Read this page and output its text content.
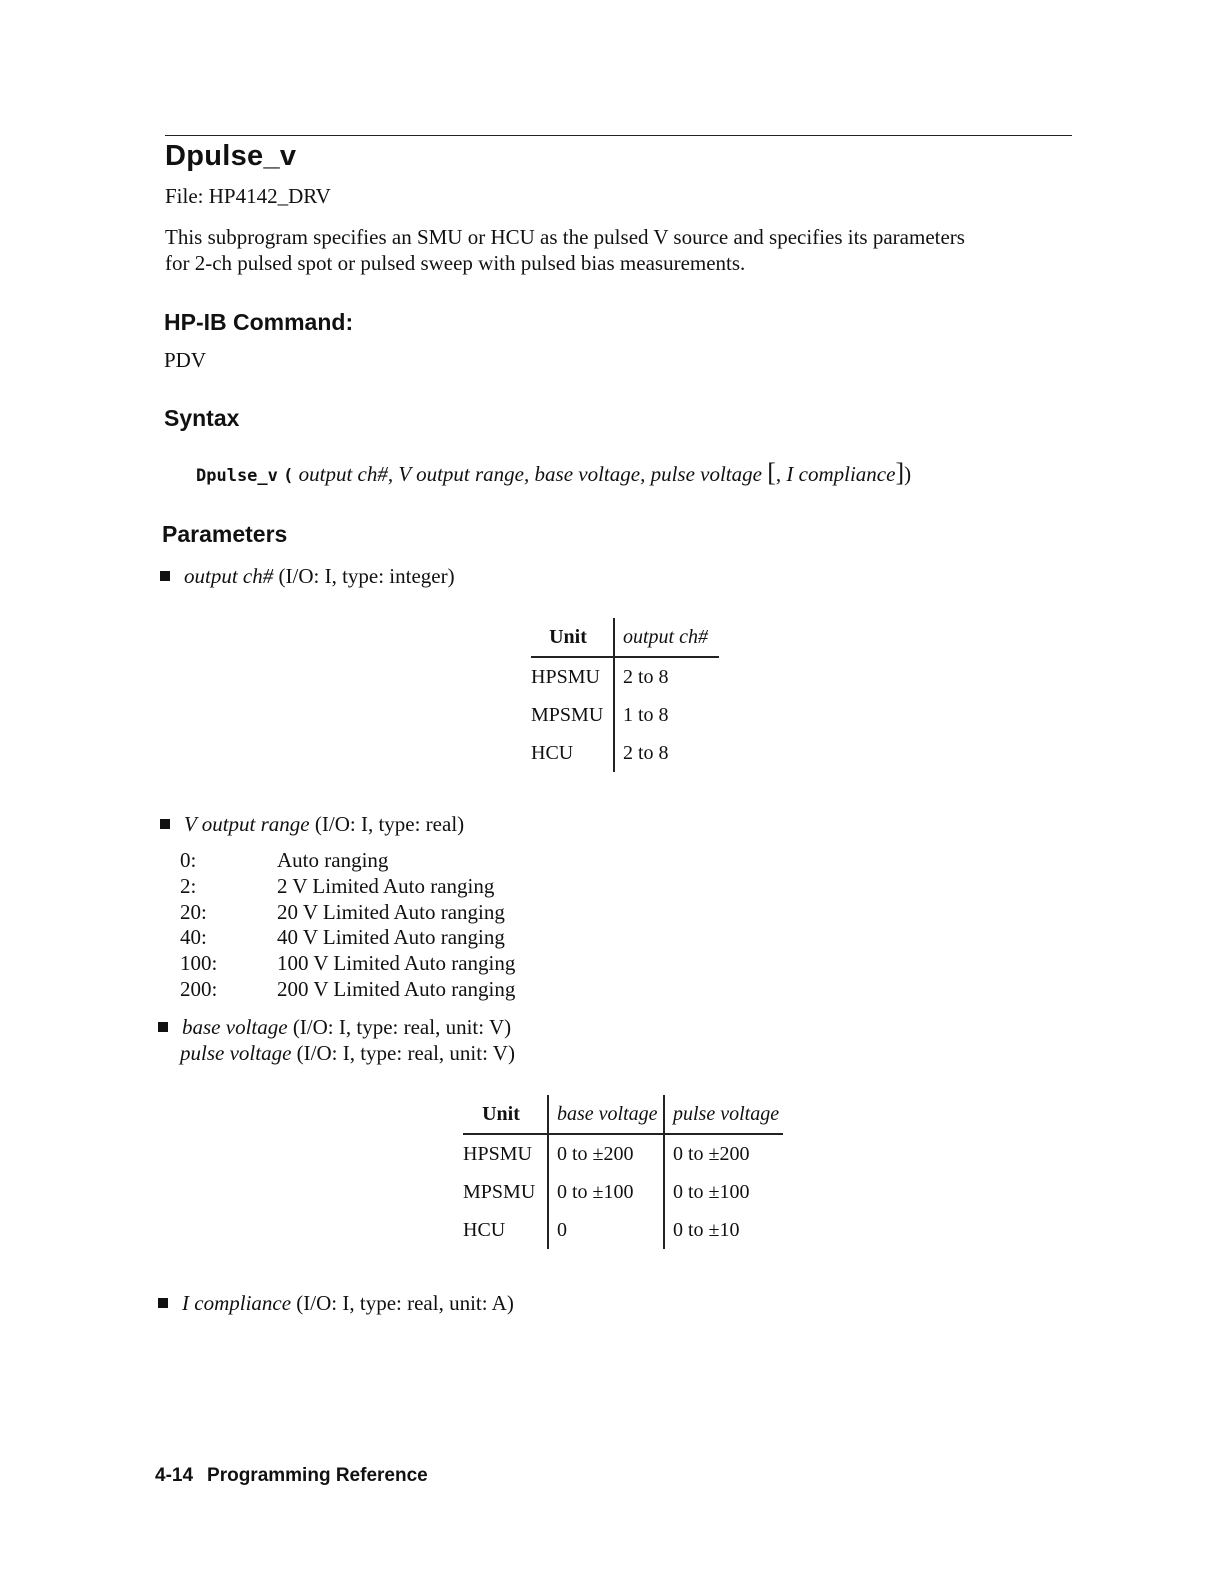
Dpulse_v
File: HP4142_DRV
This subprogram specifies an SMU or HCU as the pulsed V source and specifies its parameters for 2-ch pulsed spot or pulsed sweep with pulsed bias measurements.
HP-IB Command:
PDV
Syntax
Dpulse_v ( output ch#, V output range, base voltage, pulse voltage [, I compliance])
Parameters
output ch#
(I/O: I, type: integer)
Unit	output ch#
HPSMU	2 to 8
MPSMU	1 to 8
HCU	2 to 8
V output range
(I/O: I, type: real)
0:	Auto ranging
2:	2 V Limited Auto ranging
20:	20 V Limited Auto ranging
40:	40 V Limited Auto ranging
100:	100 V Limited Auto ranging
200:	200 V Limited Auto ranging
base voltage
(I/O: I, type: real, unit: V)
pulse voltage (I/O: I, type: real, unit: V)
Unit	base voltage	pulse voltage
HPSMU	0 to ±200	0 to ±200
MPSMU	0 to ±100	0 to ±100
HCU	0	0 to ±10
I compliance
(I/O: I, type: real, unit: A)
4-14 Programming Reference
